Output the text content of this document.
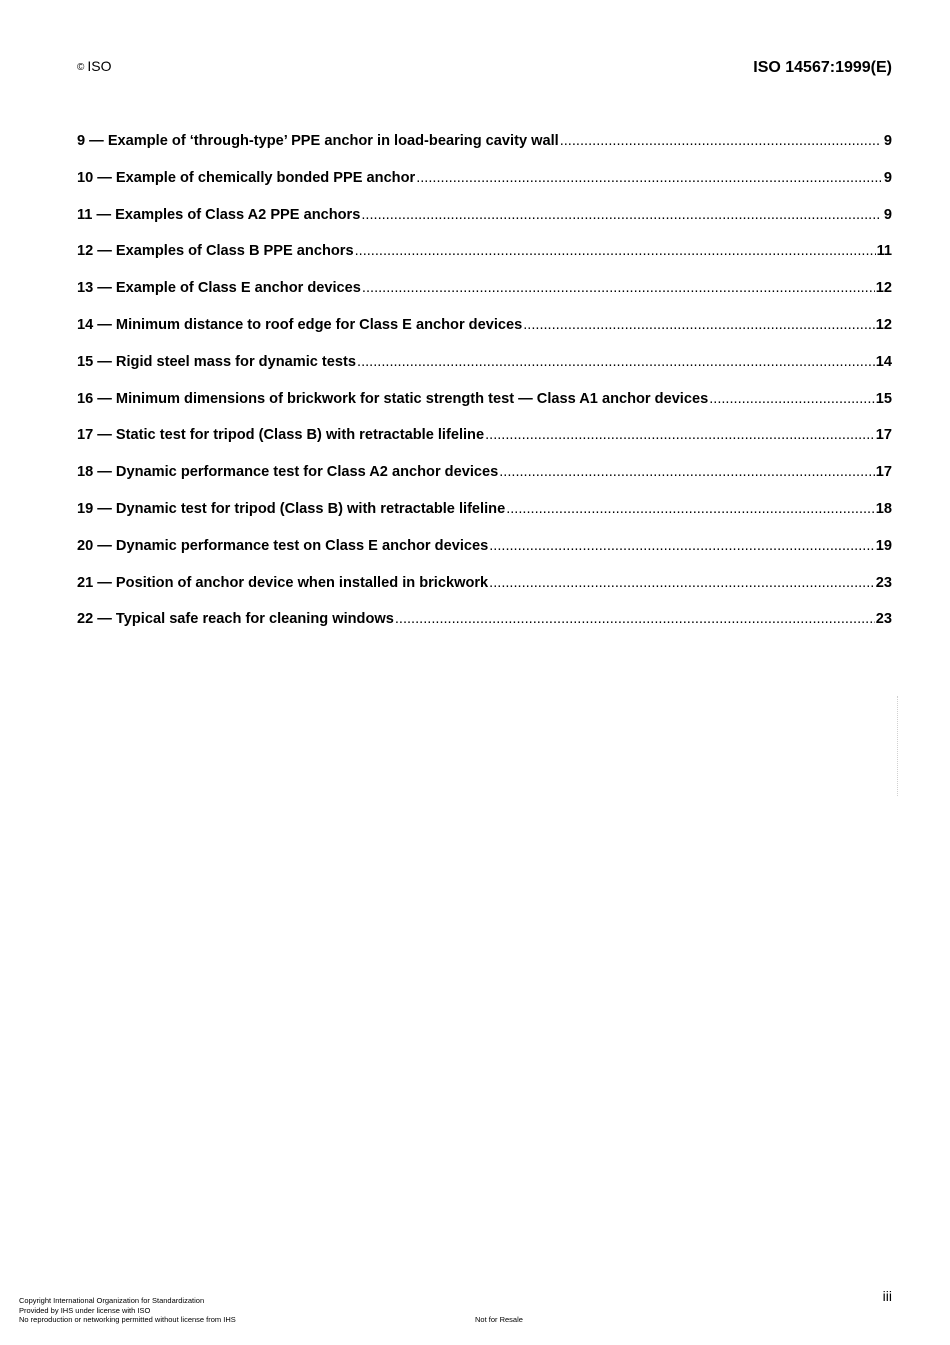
© ISO	ISO 14567:1999(E)
9 — Example of ‘through-type’ PPE anchor in load-bearing cavity wall .....	9
10 — Example of chemically bonded PPE anchor .....	9
11 — Examples of Class A2 PPE anchors .....	9
12 — Examples of Class B PPE anchors .....	11
13 — Example of Class E anchor devices .....	12
14 — Minimum distance to roof edge for Class E anchor devices .....	12
15 — Rigid steel mass for dynamic tests .....	14
16 — Minimum dimensions of brickwork for static strength test — Class A1 anchor devices .....	15
17 — Static test for tripod (Class B) with retractable lifeline .....	17
18 — Dynamic performance test for Class A2 anchor devices .....	17
19 — Dynamic test for tripod (Class B) with retractable lifeline .....	18
20 — Dynamic performance test on Class E anchor devices .....	19
21 — Position of anchor device when installed in brickwork .....	23
22 — Typical safe reach for cleaning windows .....	23
iii
Copyright International Organization for Standardization
Provided by IHS under license with ISO
No reproduction or networking permitted without license from IHS	Not for Resale
